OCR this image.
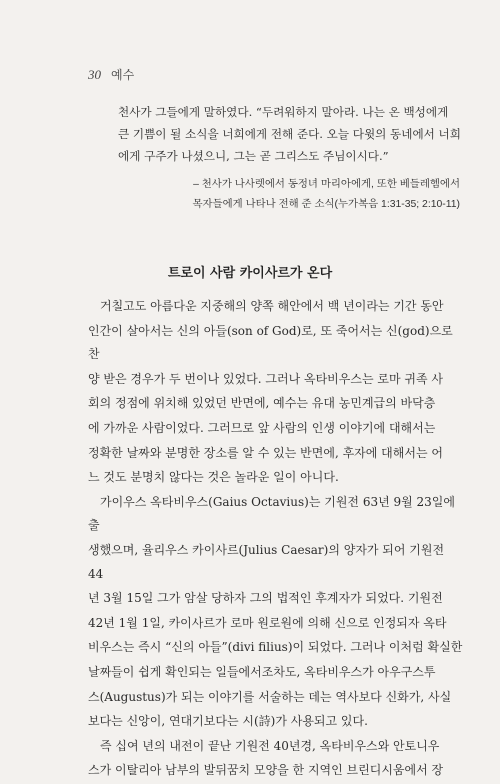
30 예수

천사가 그들에게 말하였다. “두려워하지 말아라. 나는 온 백성에게

큰 기쁨이 될 소식을 너희에게 전해 준다. 오늘 다윗의 동네에서 너희

에게 구주가 나셨으니, 그는 곧 그리스도 주님이시다.”

– 천사가 나사렛에서 동정녀 마리아에게, 또한 베들레헴에서

목자들에게 나타나 전해 준 소식(누가복음 1:31-35; 2:10-11)

트로이 사람 카이사르가 온다

거칠고도 아름다운 지중해의 양쪽 해안에서 백 년이라는 기간 동안

인간이 살아서는 신의 아들(son of God)로, 또 죽어서는 신(god)으로 찬

양 받은 경우가 두 번이나 있었다. 그러나 옥타비우스는 로마 귀족 사

회의 정점에 위치해 있었던 반면에, 예수는 유대 농민계급의 바닥층

에 가까운 사람이었다. 그러므로 앞 사람의 인생 이야기에 대해서는

정확한 날짜와 분명한 장소를 알 수 있는 반면에, 후자에 대해서는 어

느 것도 분명치 않다는 것은 놀라운 일이 아니다.

가이우스 옥타비우스(Gaius Octavius)는 기원전 63년 9월 23일에 출

생했으며, 율리우스 카이사르(Julius Caesar)의 양자가 되어 기원전 44

년 3월 15일 그가 암살 당하자 그의 법적인 후계자가 되었다. 기원전

42년 1월 1일, 카이사르가 로마 원로원에 의해 신으로 인정되자 옥타

비우스는 즉시 “신의 아들”(divi filius)이 되었다. 그러나 이처럼 확실한

날짜들이 쉽게 확인되는 일들에서조차도, 옥타비우스가 아우구스투

스(Augustus)가 되는 이야기를 서술하는 데는 역사보다 신화가, 사실

보다는 신앙이, 연대기보다는 시(詩)가 사용되고 있다.

즉 십여 년의 내전이 끝난 기원전 40년경, 옥타비우스와 안토니우

스가 이탈리아 남부의 발뒤꿈치 모양을 한 지역인 브린디시움에서 장
